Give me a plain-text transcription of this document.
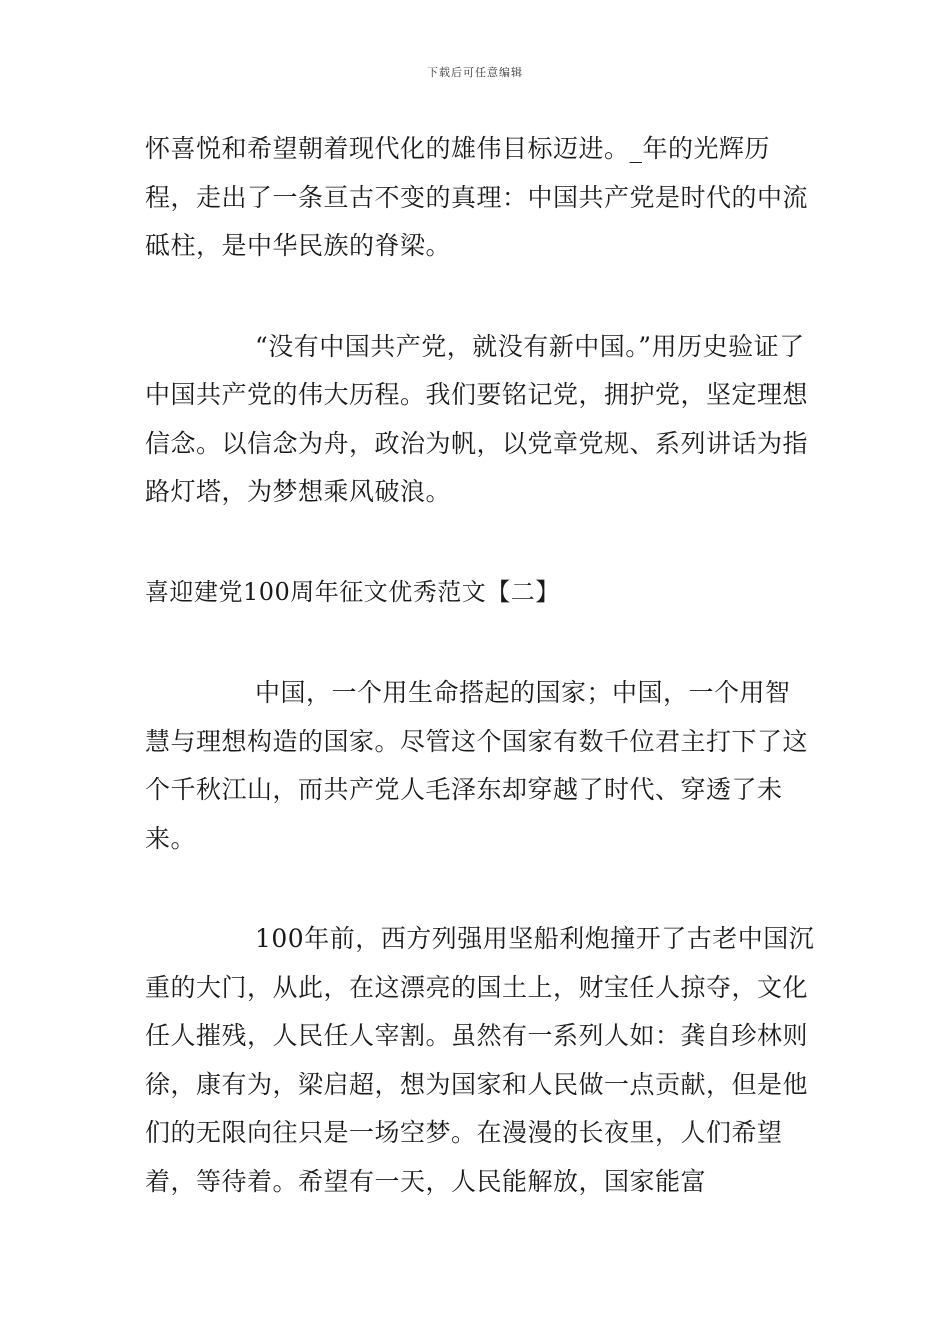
下载后可任意编辑

怀喜悦和希望朝着现代化的雄伟目标迈进。_年的光辉历程，走出了一条亘古不变的真理：中国共产党是时代的中流砥柱，是中华民族的脊梁。

“没有中国共产党，就没有新中国。”用历史验证了中国共产党的伟大历程。我们要铭记党，拥护党，坚定理想信念。以信念为舟，政治为帆，以党章党规、系列讲话为指路灯塔，为梦想乘风破浪。

喜迎建党100周年征文优秀范文【二】

中国，一个用生命搭起的国家；中国，一个用智慧与理想构造的国家。尽管这个国家有数千位君主打下了这个千秋江山，而共产党人毛泽东却穿越了时代、穿透了未来。

100年前，西方列强用坚船利炮撞开了古老中国沉重的大门，从此，在这漂亮的国土上，财宝任人掠夺，文化任人摧残，人民任人宰割。虽然有一系列人如：龚自珍林则徐，康有为，梁启超，想为国家和人民做一点贡献，但是他们的无限向往只是一场空梦。在漫漫的长夜里，人们希望着，等待着。希望有一天，人民能解放，国家能富
